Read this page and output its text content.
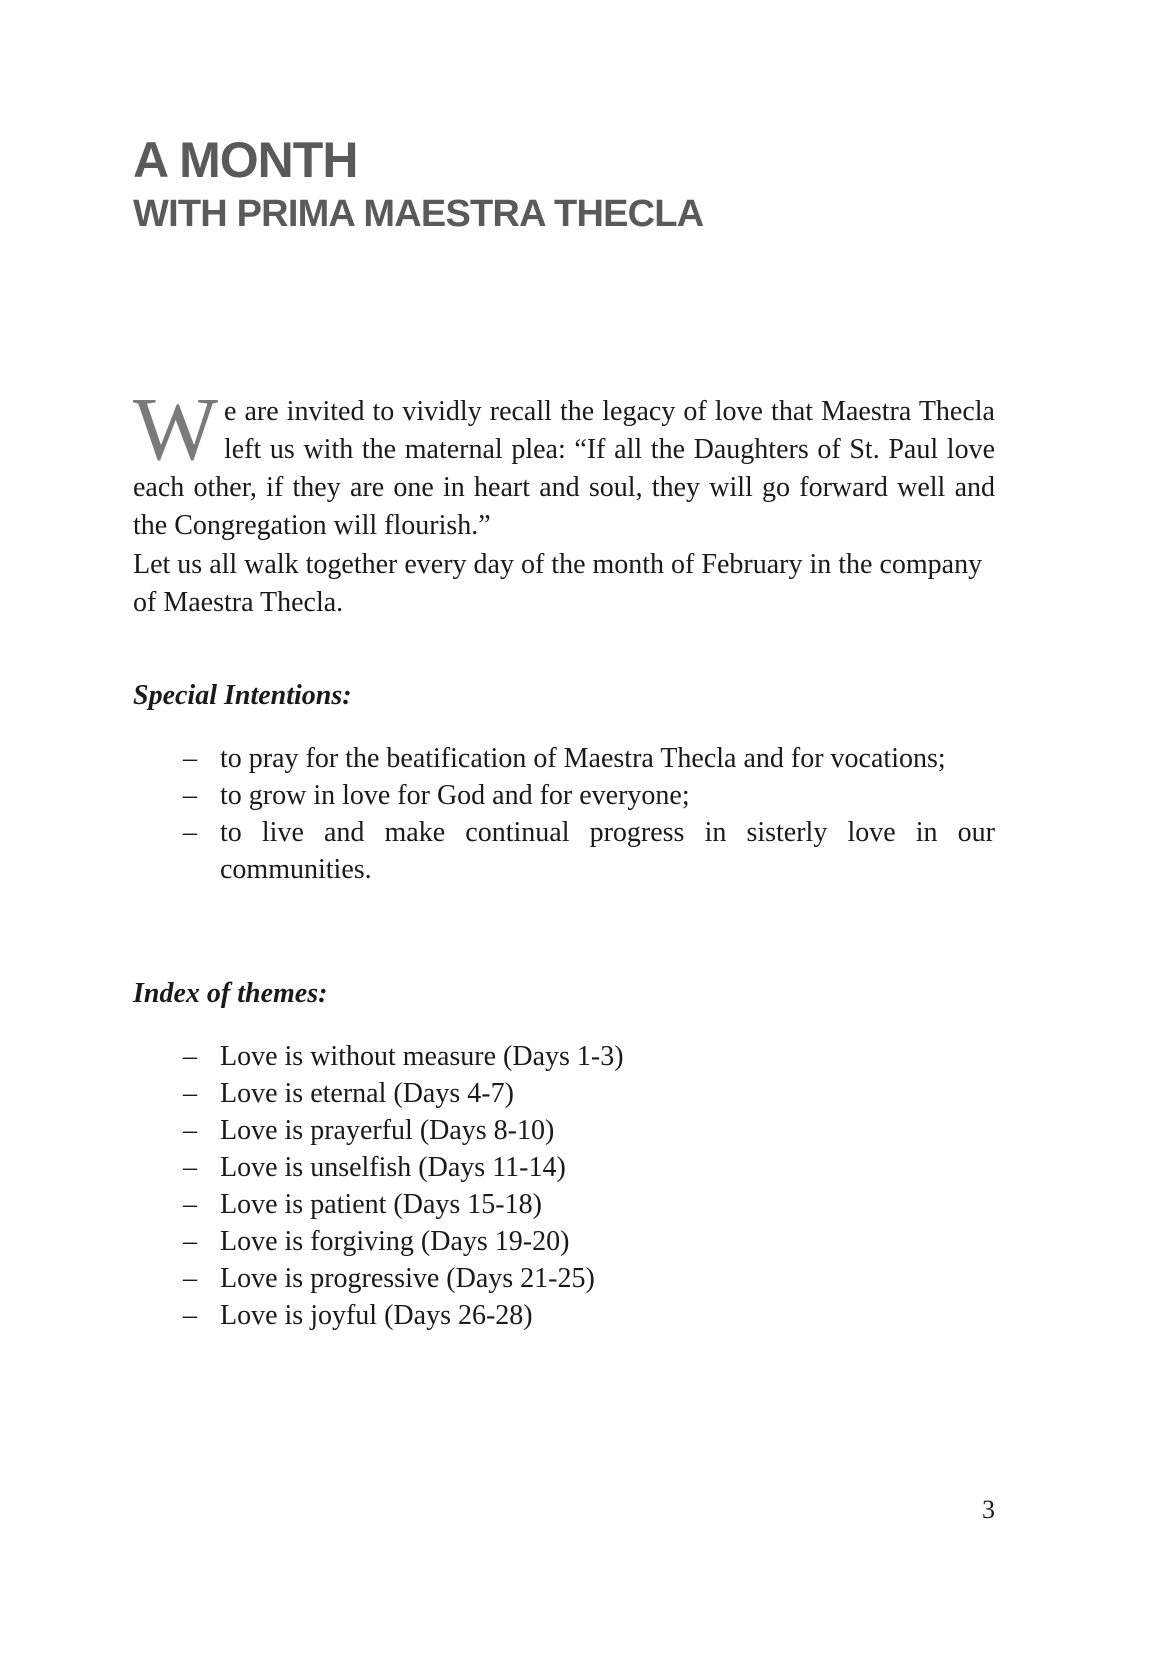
A MONTH
WITH PRIMA MAESTRA THECLA

We are invited to vividly recall the legacy of love that Maestra Thecla left us with the maternal plea: “If all the Daughters of St. Paul love each other, if they are one in heart and soul, they will go forward well and the Congregation will flourish.”

Let us all walk together every day of the month of February in the company of Maestra Thecla.

Special Intentions:
– to pray for the beatification of Maestra Thecla and for vocations;
– to grow in love for God and for everyone;
– to live and make continual progress in sisterly love in our communities.
Index of themes:
– Love is without measure (Days 1-3)
– Love is eternal (Days 4-7)
– Love is prayerful (Days 8-10)
– Love is unselfish (Days 11-14)
– Love is patient (Days 15-18)
– Love is forgiving (Days 19-20)
– Love is progressive (Days 21-25)
– Love is joyful (Days 26-28)
3
